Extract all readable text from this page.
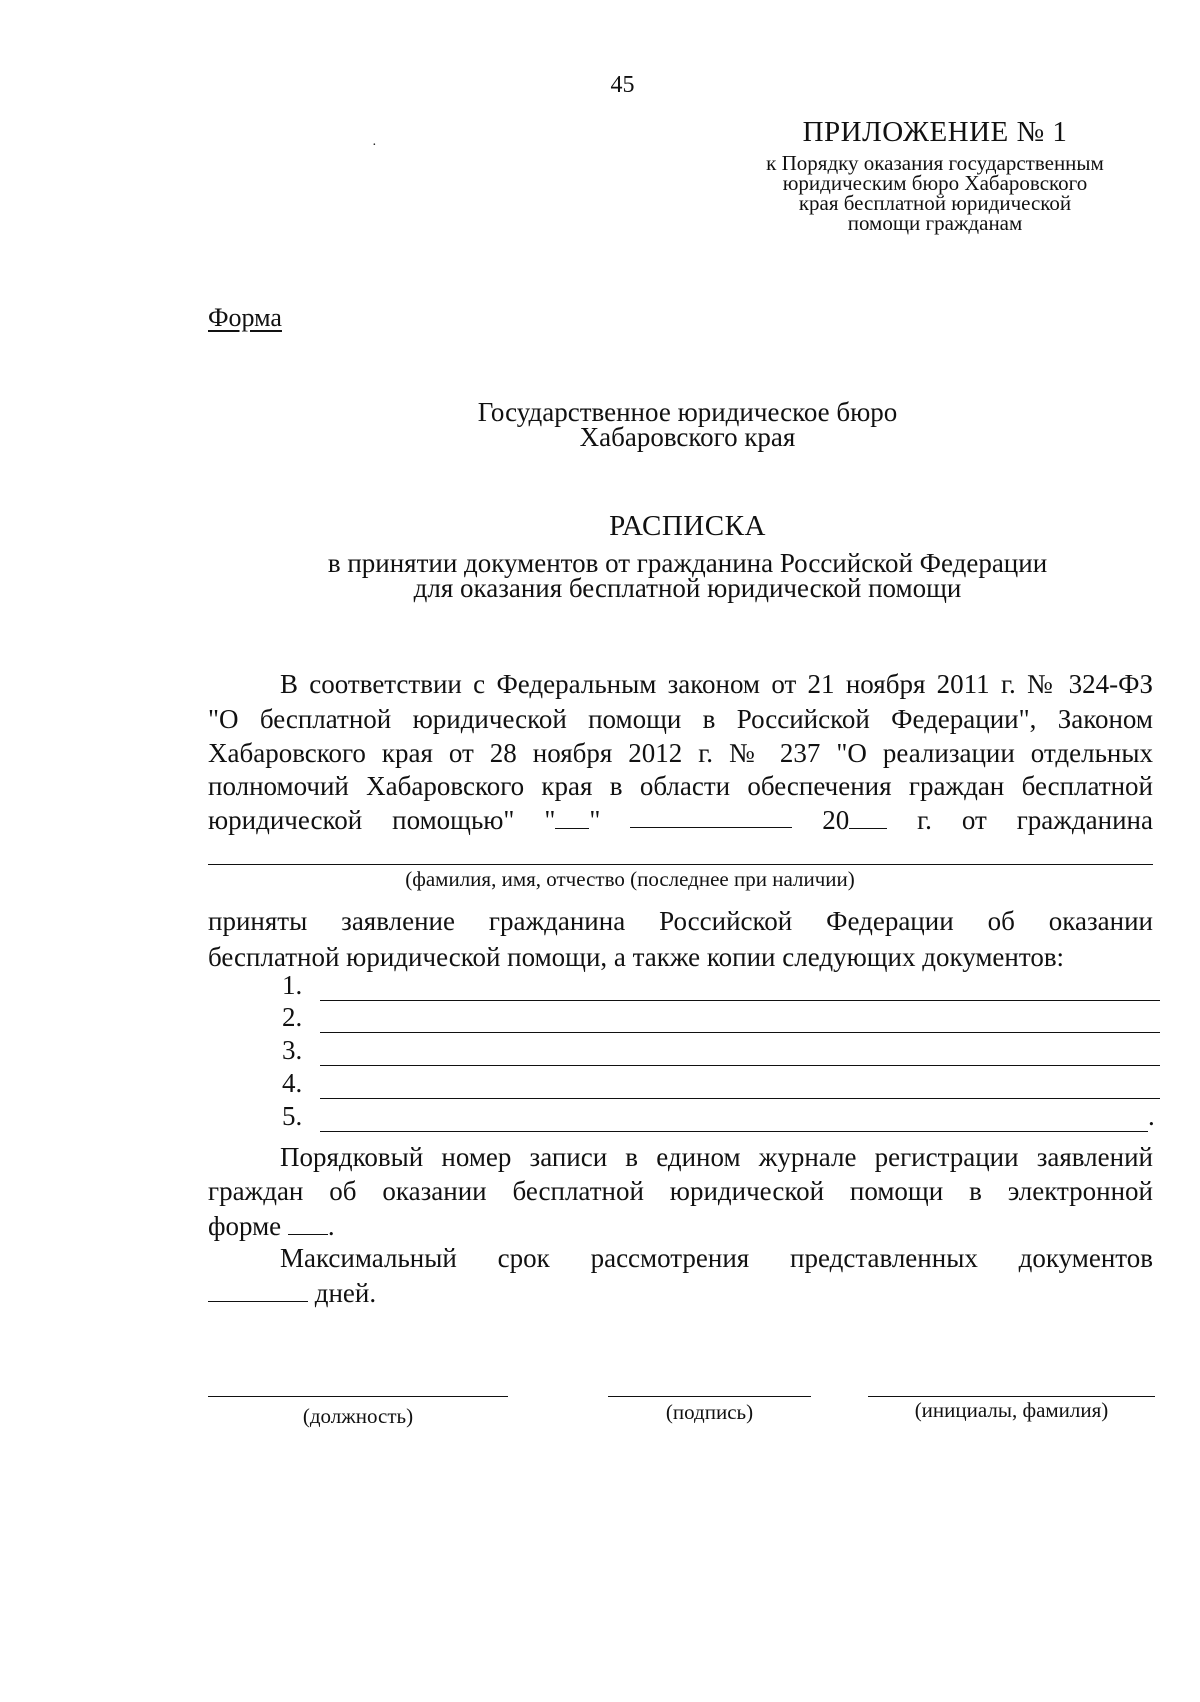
45
·	ПРИЛОЖЕНИЕ № 1
к Порядку оказания государственным
юридическим бюро Хабаровского
края бесплатной юридической
помощи гражданам
Форма
Государственное юридическое бюро
Хабаровского края
РАСПИСКА
в принятии документов от гражданина Российской Федерации
для оказания бесплатной юридической помощи
В соответствии с Федеральным законом от 21 ноября 2011 г. № 324-ФЗ
"О бесплатной юридической помощи в Российской Федерации", Законом
Хабаровского края от 28 ноября 2012 г. № 237 "О реализации отдельных
полномочий Хабаровского края в области обеспечения граждан бесплатной
юридической помощью" " "	20	г. от гражданина
(фамилия, имя, отчество (последнее при наличии)
приняты заявление гражданина Российской Федерации об оказании
бесплатной юридической помощи, а также копии следующих документов:
1.
2.
3.
4.
5.	.
Порядковый номер записи в едином журнале регистрации заявлений
граждан об оказании бесплатной юридической помощи в электронной
форме .
Максимальный срок рассмотрения представленных документов
дней.
(должность)	(подпись)	(инициалы, фамилия)
